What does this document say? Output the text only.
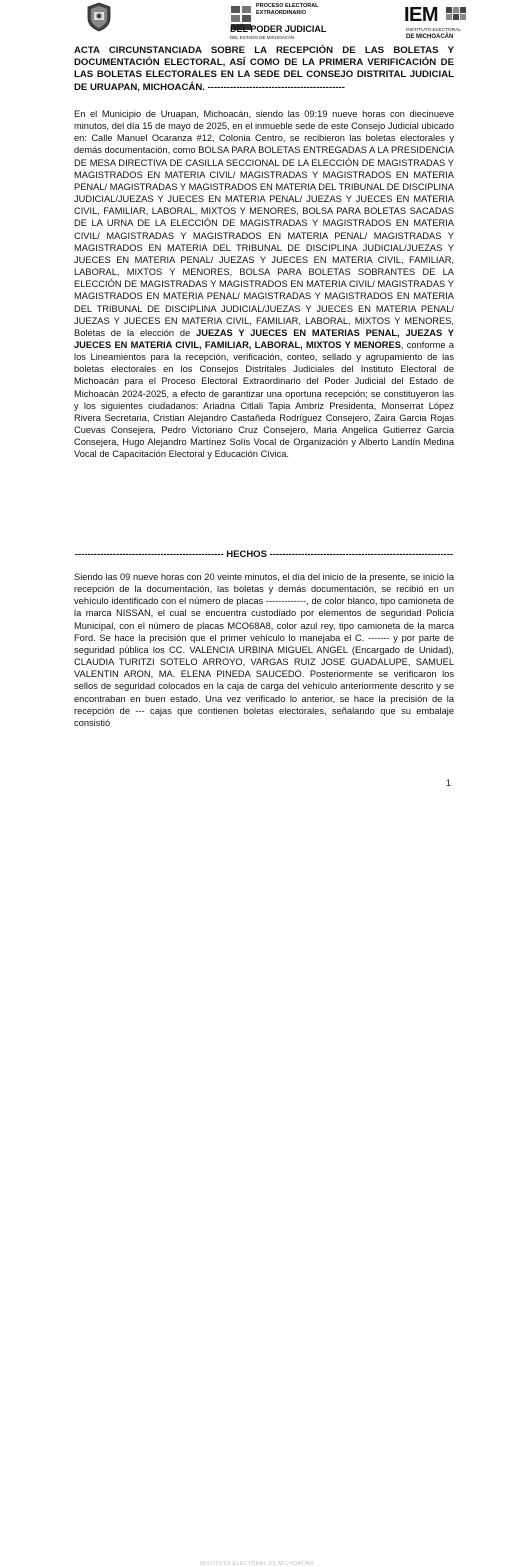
PROCESO ELECTORAL
EXTRAORDINARIO
DEL PODER JUDICIAL
DEL ESTADO DE MICHOACÁN
IEM
INSTITUTO ELECTORAL
DE MICHOACÁN
ACTA CIRCUNSTANCIADA SOBRE LA RECEPCIÓN DE LAS BOLETAS Y DOCUMENTACIÓN ELECTORAL, ASÍ COMO DE LA PRIMERA VERIFICACIÓN DE LAS BOLETAS ELECTORALES EN LA SEDE DEL CONSEJO DISTRITAL JUDICIAL DE URUAPAN, MICHOACÁN. -------------------------------------------
En el Municipio de Uruapan, Michoacán, siendo las 09:19 nueve horas con diecinueve minutos, del día 15 de mayo de 2025, en el inmueble sede de este Consejo Judicial ubicado en: Calle Manuel Ocaranza #12, Colonia Centro, se recibieron las boletas electorales y demás documentación, como BOLSA PARA BOLETAS ENTREGADAS A LA PRESIDENCIA DE MESA DIRECTIVA DE CASILLA SECCIONAL DE LA ELECCIÓN DE MAGISTRADAS Y MAGISTRADOS EN MATERIA CIVIL/ MAGISTRADAS Y MAGISTRADOS EN MATERIA PENAL/ MAGISTRADAS Y MAGISTRADOS EN MATERIA DEL TRIBUNAL DE DISCIPLINA JUDICIAL/JUEZAS Y JUECES EN MATERIA PENAL/ JUEZAS Y JUECES EN MATERIA CIVIL, FAMILIAR, LABORAL, MIXTOS Y MENORES, BOLSA PARA BOLETAS SACADAS DE LA URNA DE LA ELECCIÓN DE MAGISTRADAS Y MAGISTRADOS EN MATERIA CIVIL/ MAGISTRADAS Y MAGISTRADOS EN MATERIA PENAL/ MAGISTRADAS Y MAGISTRADOS EN MATERIA DEL TRIBUNAL DE DISCIPLINA JUDICIAL/JUEZAS Y JUECES EN MATERIA PENAL/ JUEZAS Y JUECES EN MATERIA CIVIL, FAMILIAR, LABORAL, MIXTOS Y MENORES, BOLSA PARA BOLETAS SOBRANTES DE LA ELECCIÓN DE MAGISTRADAS Y MAGISTRADOS EN MATERIA CIVIL/ MAGISTRADAS Y MAGISTRADOS EN MATERIA PENAL/ MAGISTRADAS Y MAGISTRADOS EN MATERIA DEL TRIBUNAL DE DISCIPLINA JUDICIAL/JUEZAS Y JUECES EN MATERIA PENAL/ JUEZAS Y JUECES EN MATERIA CIVIL, FAMILIAR, LABORAL, MIXTOS Y MENORES, Boletas de la elección de JUEZAS Y JUECES EN MATERIAS PENAL, JUEZAS Y JUECES EN MATERIA CIVIL, FAMILIAR, LABORAL, MIXTOS Y MENORES, conforme a los Lineamientos para la recepción, verificación, conteo, sellado y agrupamiento de las boletas electorales en los Consejos Distritales Judiciales del Instituto Electoral de Michoacán para el Proceso Electoral Extraordinario del Poder Judicial del Estado de Michoacán 2024-2025, a efecto de garantizar una oportuna recepción; se constituyeron las y los siguientes ciudadanos: Ariadna Citlali Tapia Ambriz Presidenta, Monserrat López Rivera Secretaria, Cristian Alejandro Castañeda Rodríguez Consejero, Zaira Garcia Rojas Cuevas Consejera, Pedro Victoriano Cruz Consejero, Maria Angelica Gutierrez Garcia Consejera, Hugo Alejandro Martínez Solís Vocal de Organización y Alberto Landín Medina Vocal de Capacitación Electoral y Educación Cívica.
----------------------------------------------- HECHOS ----------------------------------------------------------
Siendo las 09 nueve horas con 20 veinte minutos, el día del inicio de la presente, se inició la recepción de la documentación, las boletas y demás documentación, se recibió en un vehículo identificado con el número de placas -------------, de color blanco, tipo camioneta de la marca NISSAN, el cual se encuentra custodiado por elementos de seguridad Policía Municipal, con el número de placas MCO68A8, color azul rey, tipo camioneta de la marca Ford. Se hace la precisión que el primer vehículo lo manejaba el C. ------- y por parte de seguridad pública los CC. VALENCIA URBINA MIGUEL ANGEL (Encargado de Unidad), CLAUDIA TURITZI SOTELO ARROYO, VARGAS RUIZ JOSE GUADALUPE, SAMUEL VALENTIN ARON, MA. ELENA PINEDA SAUCEDO. Posteriormente se verificaron los sellos de seguridad colocados en la caja de carga del vehículo anteriormente descrito y se encontraban en buen estado. Una vez verificado lo anterior, se hace la precisión de la recepción de --- cajas que contienen boletas electorales, señalando que su embalaje consistió
INSTITUTO ELECTORAL DE MICHOACÁN
1
